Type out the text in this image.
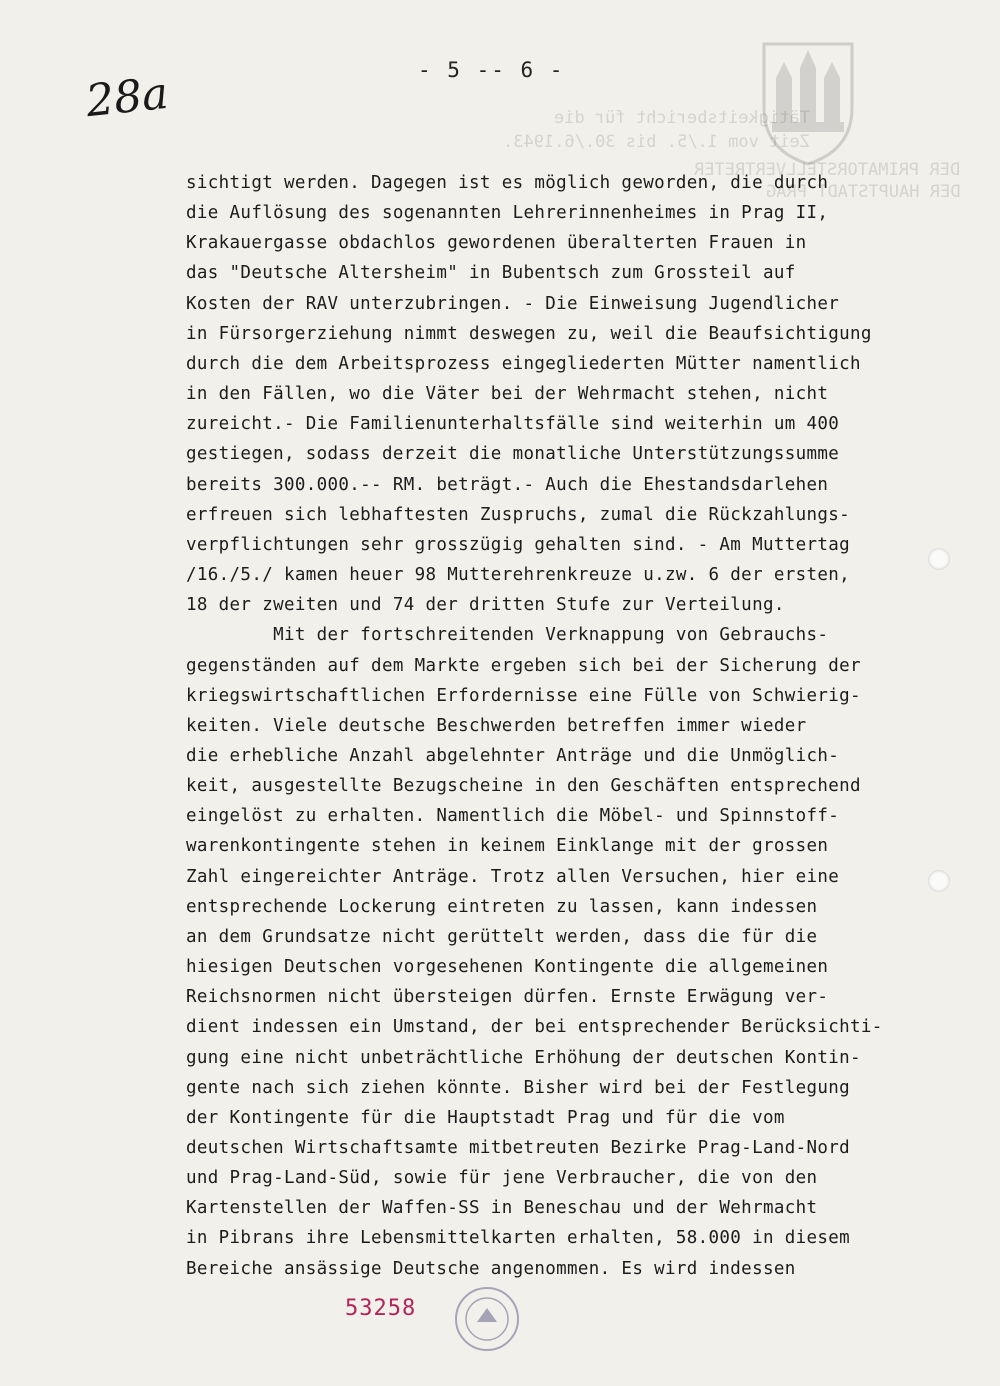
Tätigkeitsbericht für die
Zeit vom 1./5. bis 30./6.1943.
DER PRIMATORSTELLVERTRETER
DER HAUPTSTADT PRAG
28a	- 5 -- 6 -
sichtigt werden. Dagegen ist es möglich geworden, die durch
die Auflösung des sogenannten Lehrerinnenheimes in Prag II,
Krakauergasse obdachlos gewordenen überalterten Frauen in
das "Deutsche Altersheim" in Bubentsch zum Grossteil auf
Kosten der RAV unterzubringen. - Die Einweisung Jugendlicher
in Fürsorgerziehung nimmt deswegen zu, weil die Beaufsichtigung
durch die dem Arbeitsprozess eingegliederten Mütter namentlich
in den Fällen, wo die Väter bei der Wehrmacht stehen, nicht
zureicht.- Die Familienunterhaltsfälle sind weiterhin um 400
gestiegen, sodass derzeit die monatliche Unterstützungssumme
bereits 300.000.-- RM. beträgt.- Auch die Ehestandsdarlehen
erfreuen sich lebhaftesten Zuspruchs, zumal die Rückzahlungs-
verpflichtungen sehr grosszügig gehalten sind. - Am Muttertag
/16./5./ kamen heuer 98 Mutterehrenkreuze u.zw. 6 der ersten,
18 der zweiten und 74 der dritten Stufe zur Verteilung.
Mit der fortschreitenden Verknappung von Gebrauchs-
gegenständen auf dem Markte ergeben sich bei der Sicherung der
kriegswirtschaftlichen Erfordernisse eine Fülle von Schwierig-
keiten. Viele deutsche Beschwerden betreffen immer wieder
die erhebliche Anzahl abgelehnter Anträge und die Unmöglich-
keit, ausgestellte Bezugscheine in den Geschäften entsprechend
eingelöst zu erhalten. Namentlich die Möbel- und Spinnstoff-
warenkontingente stehen in keinem Einklange mit der grossen
Zahl eingereichter Anträge. Trotz allen Versuchen, hier eine
entsprechende Lockerung eintreten zu lassen, kann indessen
an dem Grundsatze nicht gerüttelt werden, dass die für die
hiesigen Deutschen vorgesehenen Kontingente die allgemeinen
Reichsnormen nicht übersteigen dürfen. Ernste Erwägung ver-
dient indessen ein Umstand, der bei entsprechender Berücksichti-
gung eine nicht unbeträchtliche Erhöhung der deutschen Kontin-
gente nach sich ziehen könnte. Bisher wird bei der Festlegung
der Kontingente für die Hauptstadt Prag und für die vom
deutschen Wirtschaftsamte mitbetreuten Bezirke Prag-Land-Nord
und Prag-Land-Süd, sowie für jene Verbraucher, die von den
Kartenstellen der Waffen-SS in Beneschau und der Wehrmacht
in Pibrans ihre Lebensmittelkarten erhalten, 58.000 in diesem
Bereiche ansässige Deutsche angenommen. Es wird indessen
53258
